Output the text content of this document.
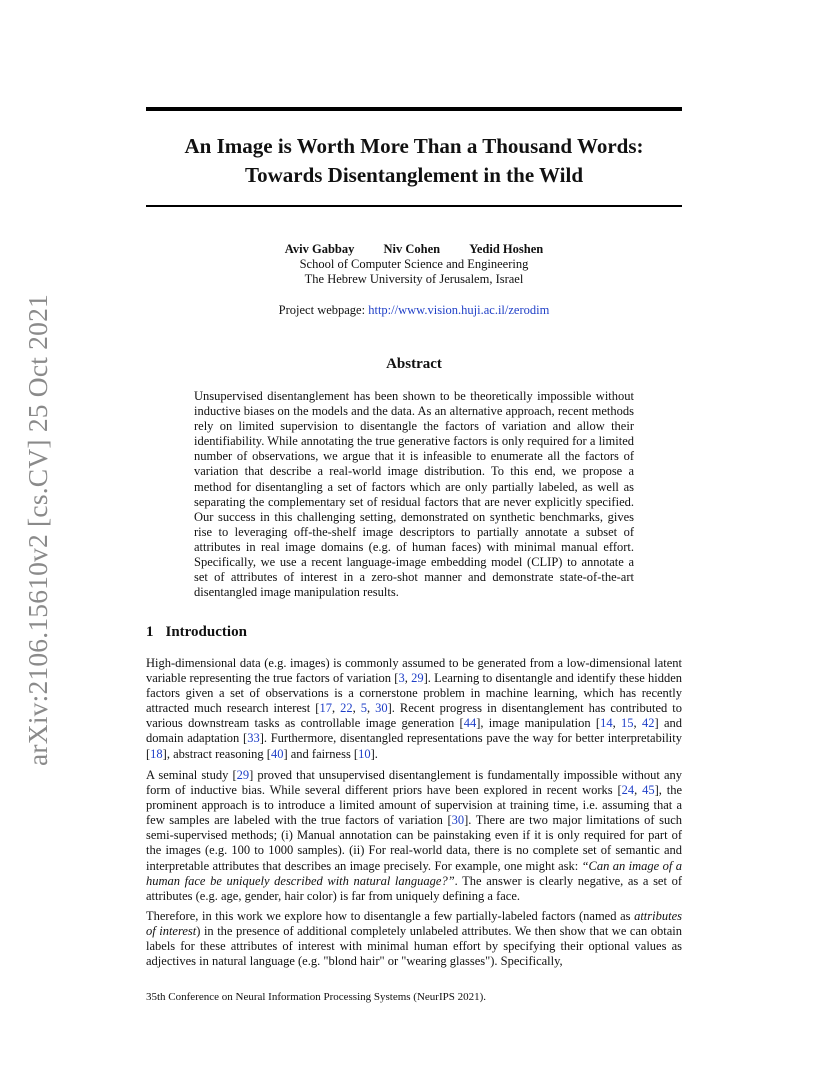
An Image is Worth More Than a Thousand Words:
Towards Disentanglement in the Wild
arXiv:2106.15610v2 [cs.CV] 25 Oct 2021
Aviv Gabbay Niv Cohen Yedid Hoshen
School of Computer Science and Engineering
The Hebrew University of Jerusalem, Israel
Project webpage: http://www.vision.huji.ac.il/zerodim
Abstract

Unsupervised disentanglement has been shown to be theoretically impossible without inductive biases on the models and the data. As an alternative approach, recent methods rely on limited supervision to disentangle the factors of variation and allow their identifiability. While annotating the true generative factors is only required for a limited number of observations, we argue that it is infeasible to enumerate all the factors of variation that describe a real-world image distribution. To this end, we propose a method for disentangling a set of factors which are only partially labeled, as well as separating the complementary set of residual factors that are never explicitly specified. Our success in this challenging setting, demonstrated on synthetic benchmarks, gives rise to leveraging off-the-shelf image descriptors to partially annotate a subset of attributes in real image domains (e.g. of human faces) with minimal manual effort. Specifically, we use a recent language-image embedding model (CLIP) to annotate a set of attributes of interest in a zero-shot manner and demonstrate state-of-the-art disentangled image manipulation results.

1 Introduction

High-dimensional data (e.g. images) is commonly assumed to be generated from a low-dimensional latent variable representing the true factors of variation [3, 29]. Learning to disentangle and identify these hidden factors given a set of observations is a cornerstone problem in machine learning, which has recently attracted much research interest [17, 22, 5, 30]. Recent progress in disentanglement has contributed to various downstream tasks as controllable image generation [44], image manipulation [14, 15, 42] and domain adaptation [33]. Furthermore, disentangled representations pave the way for better interpretability [18], abstract reasoning [40] and fairness [10].

A seminal study [29] proved that unsupervised disentanglement is fundamentally impossible without any form of inductive bias. While several different priors have been explored in recent works [24, 45], the prominent approach is to introduce a limited amount of supervision at training time, i.e. assuming that a few samples are labeled with the true factors of variation [30]. There are two major limitations of such semi-supervised methods; (i) Manual annotation can be painstaking even if it is only required for part of the images (e.g. 100 to 1000 samples). (ii) For real-world data, there is no complete set of semantic and interpretable attributes that describes an image precisely. For example, one might ask: “Can an image of a human face be uniquely described with natural language?”. The answer is clearly negative, as a set of attributes (e.g. age, gender, hair color) is far from uniquely defining a face.

Therefore, in this work we explore how to disentangle a few partially-labeled factors (named as attributes of interest) in the presence of additional completely unlabeled attributes. We then show that we can obtain labels for these attributes of interest with minimal human effort by specifying their optional values as adjectives in natural language (e.g. "blond hair" or "wearing glasses"). Specifically,

35th Conference on Neural Information Processing Systems (NeurIPS 2021).
